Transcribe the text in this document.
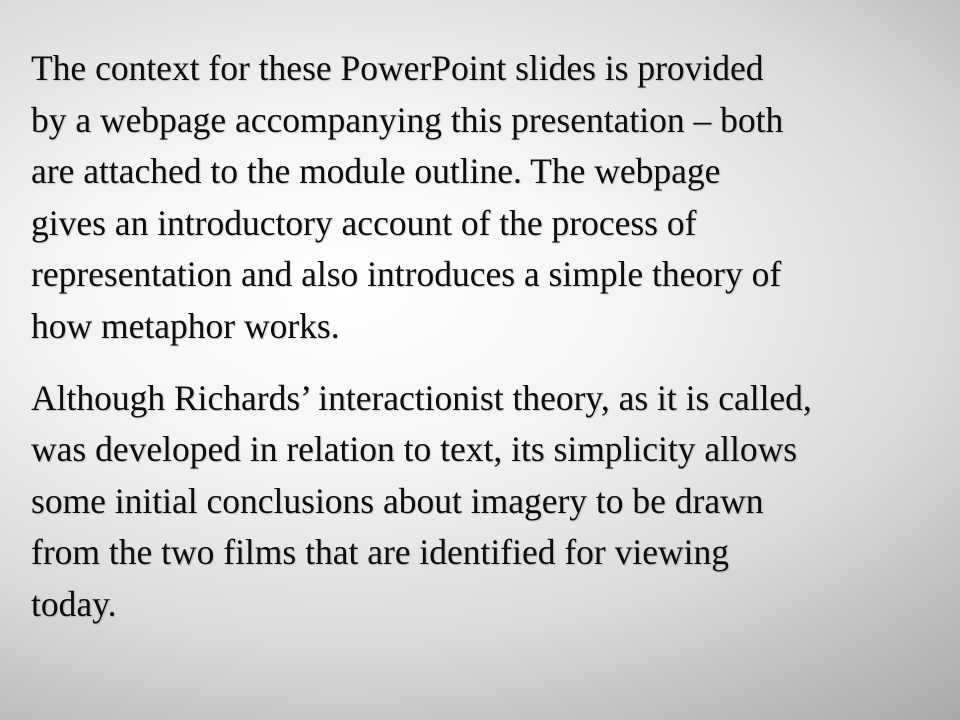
The context for these PowerPoint slides is provided
by a webpage accompanying this presentation – both
are attached to the module outline. The webpage
gives an introductory account of the process of
representation and also introduces a simple theory of
how metaphor works.

Although Richards’ interactionist theory, as it is called,
was developed in relation to text, its simplicity allows
some initial conclusions about imagery to be drawn
from the two films that are identified for viewing
today.
